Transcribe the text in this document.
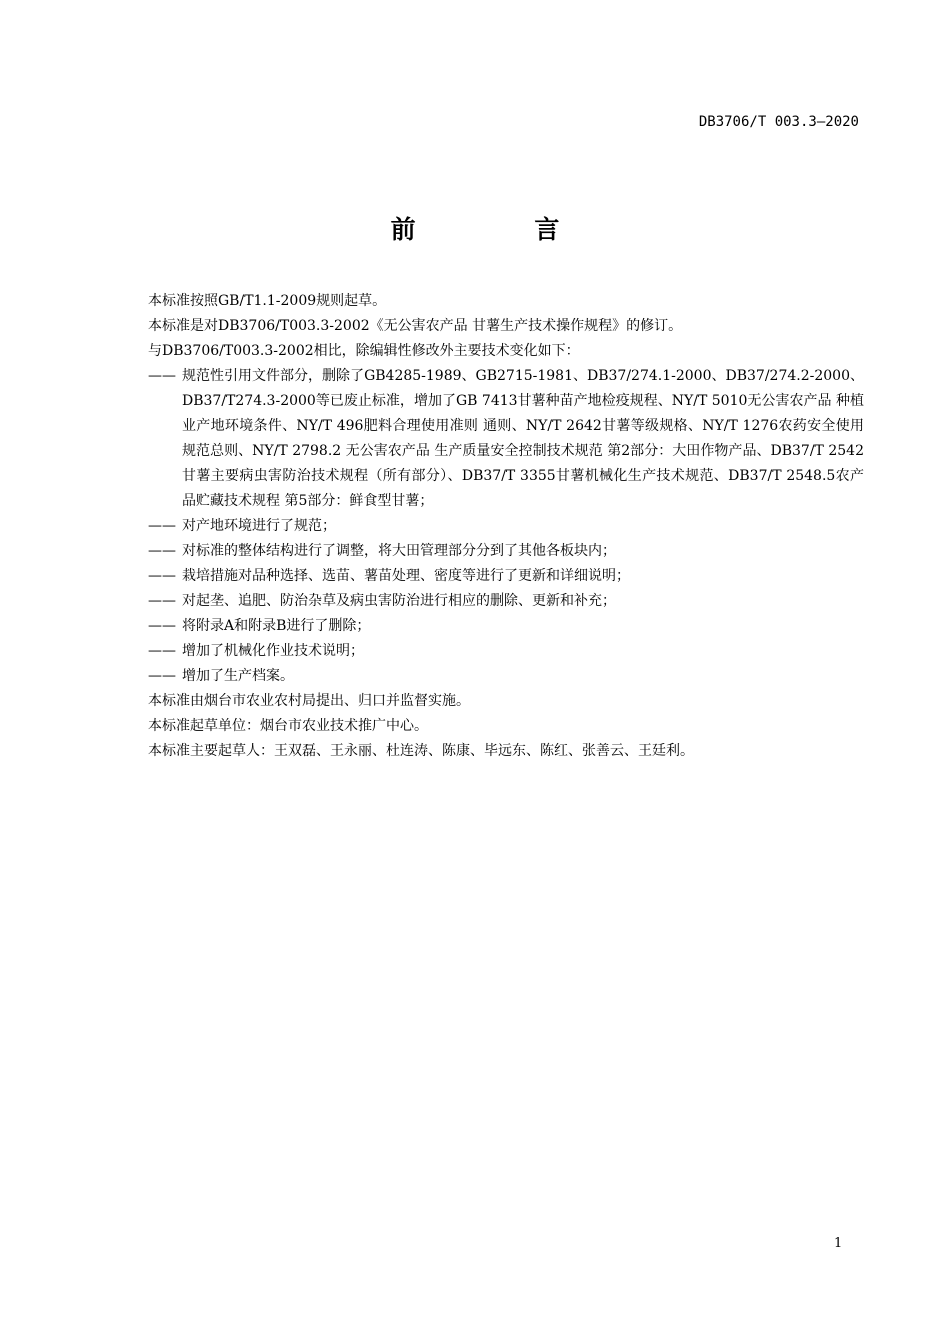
DB3706/T 003.3—2020
前 言

本标准按照GB/T1.1-2009规则起草。

本标准是对DB3706/T003.3-2002《无公害农产品 甘薯生产技术操作规程》的修订。

与DB3706/T003.3-2002相比，除编辑性修改外主要技术变化如下：

—— 规范性引用文件部分，删除了GB4285-1989、GB2715-1981、DB37/274.1-2000、DB37/274.2-2000、DB37/T274.3-2000等已废止标准，增加了GB 7413甘薯种苗产地检疫规程、NY/T 5010无公害农产品 种植业产地环境条件、NY/T 496肥料合理使用准则 通则、NY/T 2642甘薯等级规格、NY/T 1276农药安全使用规范总则、NY/T 2798.2 无公害农产品 生产质量安全控制技术规范 第2部分：大田作物产品、DB37/T 2542甘薯主要病虫害防治技术规程（所有部分）、DB37/T 3355甘薯机械化生产技术规范、DB37/T 2548.5农产品贮藏技术规程 第5部分：鲜食型甘薯；
—— 对产地环境进行了规范；
—— 对标准的整体结构进行了调整，将大田管理部分分到了其他各板块内；
—— 栽培措施对品种选择、选苗、薯苗处理、密度等进行了更新和详细说明；
—— 对起垄、追肥、防治杂草及病虫害防治进行相应的删除、更新和补充；
—— 将附录A和附录B进行了删除；
—— 增加了机械化作业技术说明；
—— 增加了生产档案。

本标准由烟台市农业农村局提出、归口并监督实施。

本标准起草单位：烟台市农业技术推广中心。

本标准主要起草人：王双磊、王永丽、杜连涛、陈康、毕远东、陈红、张善云、王廷利。

1
